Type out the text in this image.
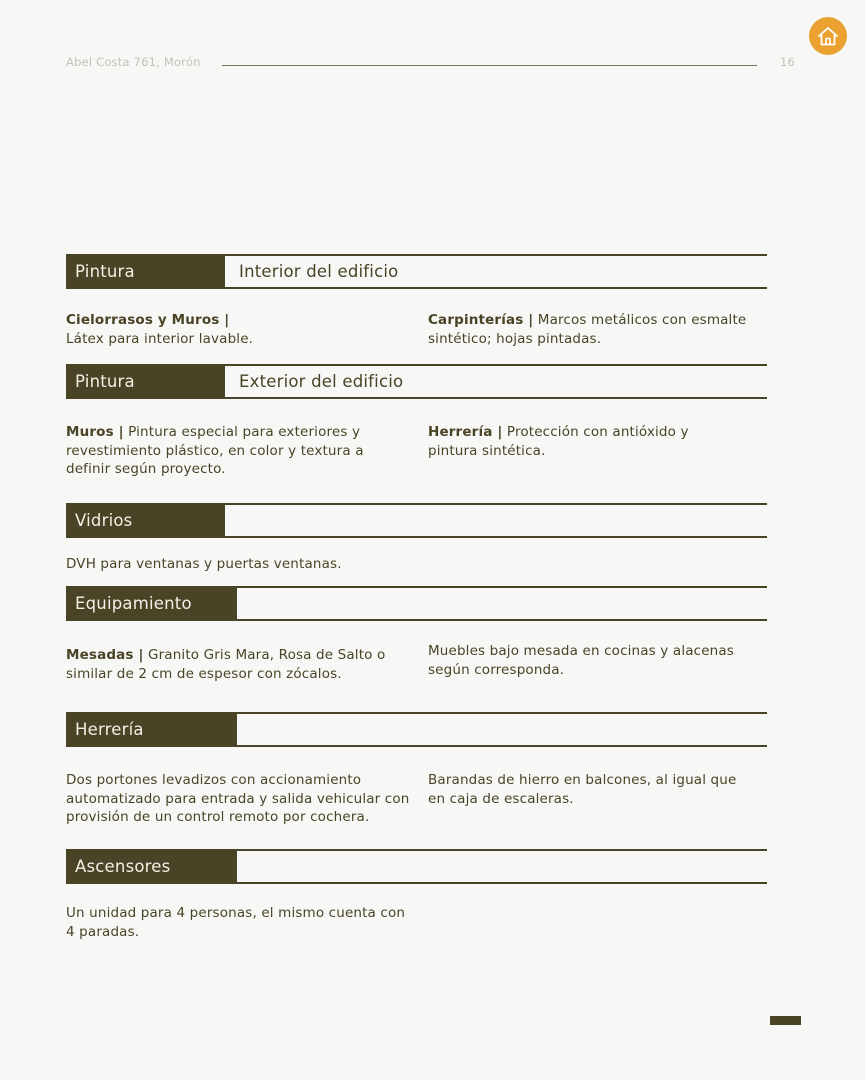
Abel Costa 761, Morón	16
Pintura	Interior del edificio
Cielorrasos y Muros |
Látex para interior lavable.
Carpinterías | Marcos metálicos con esmalte sintético; hojas pintadas.
Pintura	Exterior del edificio
Muros | Pintura especial para exteriores y revestimiento plástico, en color y textura a definir según proyecto.
Herrería | Protección con antióxido y pintura sintética.
Vidrios
DVH para ventanas y puertas ventanas.
Equipamiento
Mesadas | Granito Gris Mara, Rosa de Salto o similar de 2 cm de espesor con zócalos.
Muebles bajo mesada en cocinas y alacenas según corresponda.
Herrería
Dos portones levadizos con accionamiento automatizado para entrada y salida vehicular con provisión de un control remoto por cochera.
Barandas de hierro en balcones, al igual que en caja de escaleras.
Ascensores
Un unidad para 4 personas, el mismo cuenta con 4 paradas.
